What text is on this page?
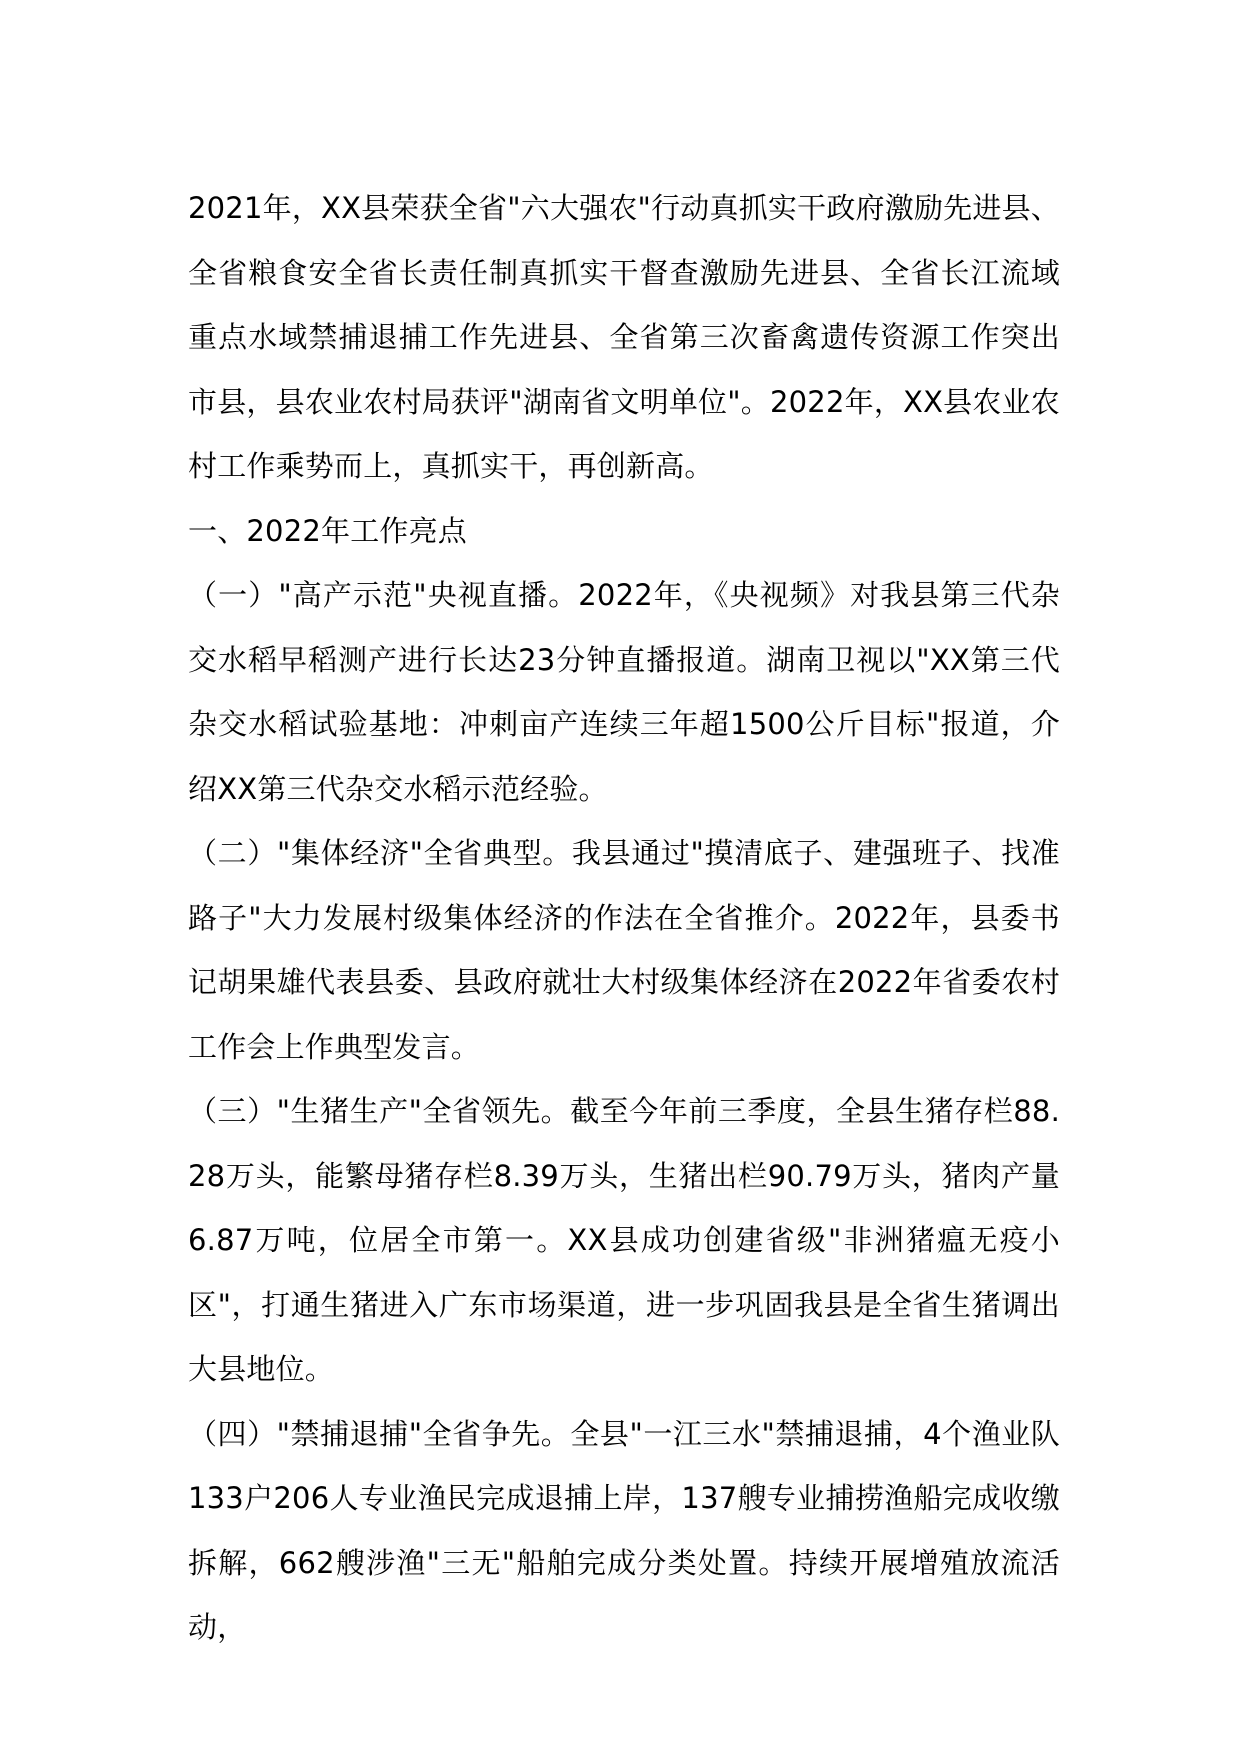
2021年，XX县荣获全省"六大强农"行动真抓实干政府激励先进县、全省粮食安全省长责任制真抓实干督查激励先进县、全省长江流域重点水域禁捕退捕工作先进县、全省第三次畜禽遗传资源工作突出市县，县农业农村局获评"湖南省文明单位"。2022年，XX县农业农村工作乘势而上，真抓实干，再创新高。

一、2022年工作亮点

（一）"高产示范"央视直播。2022年，《央视频》对我县第三代杂交水稻早稻测产进行长达23分钟直播报道。湖南卫视以"XX第三代杂交水稻试验基地：冲刺亩产连续三年超1500公斤目标"报道，介绍XX第三代杂交水稻示范经验。

（二）"集体经济"全省典型。我县通过"摸清底子、建强班子、找准路子"大力发展村级集体经济的作法在全省推介。2022年，县委书记胡果雄代表县委、县政府就壮大村级集体经济在2022年省委农村工作会上作典型发言。

（三）"生猪生产"全省领先。截至今年前三季度，全县生猪存栏88.28万头，能繁母猪存栏8.39万头，生猪出栏90.79万头，猪肉产量6.87万吨，位居全市第一。XX县成功创建省级"非洲猪瘟无疫小区"，打通生猪进入广东市场渠道，进一步巩固我县是全省生猪调出大县地位。

（四）"禁捕退捕"全省争先。全县"一江三水"禁捕退捕，4个渔业队133户206人专业渔民完成退捕上岸，137艘专业捕捞渔船完成收缴拆解，662艘涉渔"三无"船舶完成分类处置。持续开展增殖放流活动，
